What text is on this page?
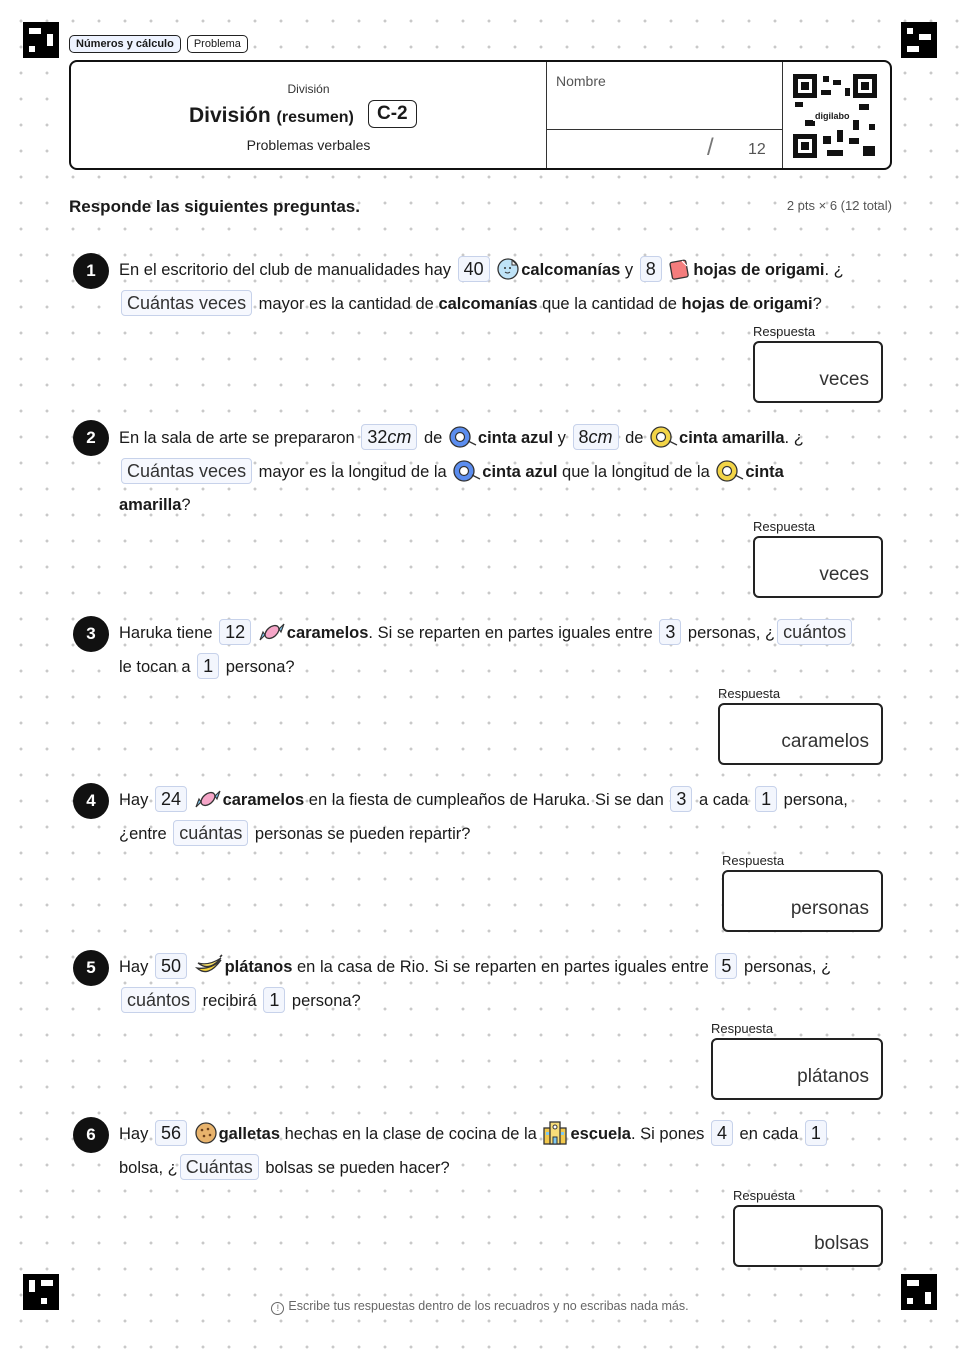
Números y cálculo	Problema
División
División (resumen)	C-2
Problemas verbales
Nombre
/ 12
digilabo
Responde las siguientes preguntas.	2 pts × 6 (12 total)
1	En el escritorio del club de manualidades hay 40 calcomanías y 8 hojas de origami. ¿
Cuántas veces mayor es la cantidad de calcomanías que la cantidad de hojas de origami?
Respuesta
veces
2	En la sala de arte se prepararon 32cm de cinta azul y 8cm de cinta amarilla. ¿
Cuántas veces mayor es la longitud de la cinta azul que la longitud de la cinta
amarilla?
Respuesta
veces
3	Haruka tiene 12	caramelos. Si se reparten en partes iguales entre 3 personas, ¿ cuántos
le tocan a 1 persona?
Respuesta
caramelos
4	Hay 24	caramelos en la fiesta de cumpleaños de Haruka. Si se dan 3 a cada 1 persona,
¿entre cuántas personas se pueden repartir?
Respuesta
personas
5	Hay 50	plátanos en la casa de Rio. Si se reparten en partes iguales entre 5 personas, ¿
cuántos recibirá 1 persona?
Respuesta
plátanos
6	Hay 56 galletas hechas en la clase de cocina de la escuela. Si pones 4 en cada 1
bolsa, ¿ Cuántas bolsas se pueden hacer?
Respuesta
bolsas
! Escribe tus respuestas dentro de los recuadros y no escribas nada más.
